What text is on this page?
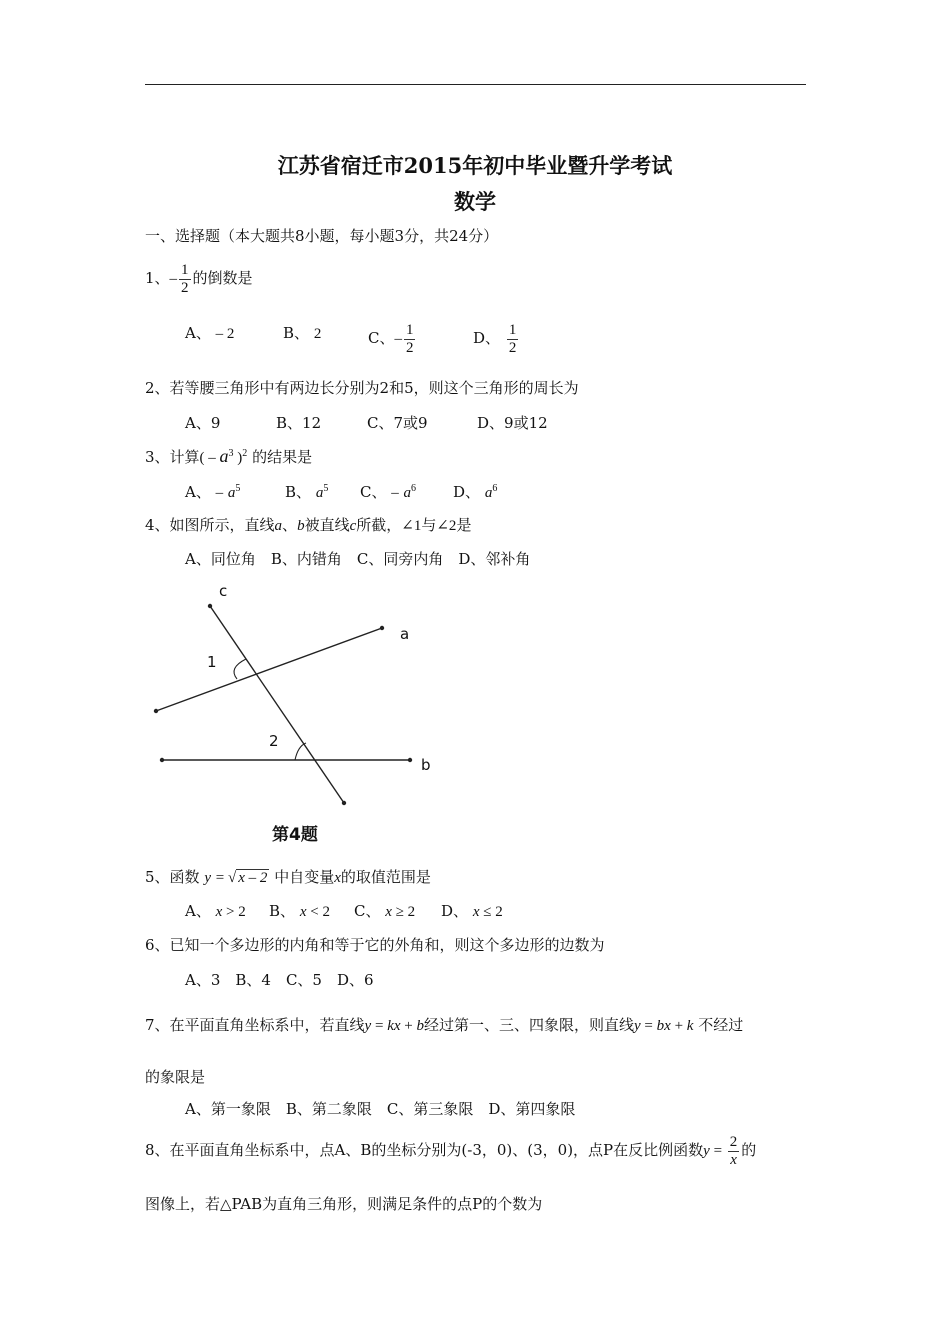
江苏省宿迁市2015年初中毕业暨升学考试
数学
一、选择题（本大题共8小题，每小题3分，共24分）
1、– $\frac{1}{2}$ 的倒数是
A、 – 2	B、 2	C、– $\frac{1}{2}$	D、 $\frac{1}{2}$
2、若等腰三角形中有两边长分别为2和5，则这个三角形的周长为
A、9	B、12	C、7或9	D、9或12
3、计算( – $a^3$ )$^2$ 的结果是
A、 – $a^5$	B、 $a^5$ C、 – $a^6$ D、 $a^6$
4、如图所示，直线a、b被直线c所截，∠1与∠2是
A、同位角　B、内错角　C、同旁内角　D、邻补角
c
a
b
1
2
第4题
5、函数 y = √ x – 2 中自变量x的取值范围是
A、 x > 2 B、 x < 2 C、 x ≥ 2 D、 x ≤ 2
6、已知一个多边形的内角和等于它的外角和，则这个多边形的边数为
A、3　B、4　C、5　D、6
7、在平面直角坐标系中，若直线y = kx + b经过第一、三、四象限，则直线y = bx + k 不经过
的象限是
A、第一象限　B、第二象限　C、第三象限　D、第四象限
8、在平面直角坐标系中，点A、B的坐标分别为(-3，0)、(3，0)，点P在反比例函数$y = \frac{2}{x}$ 的
图像上，若△PAB为直角三角形，则满足条件的点P的个数为
